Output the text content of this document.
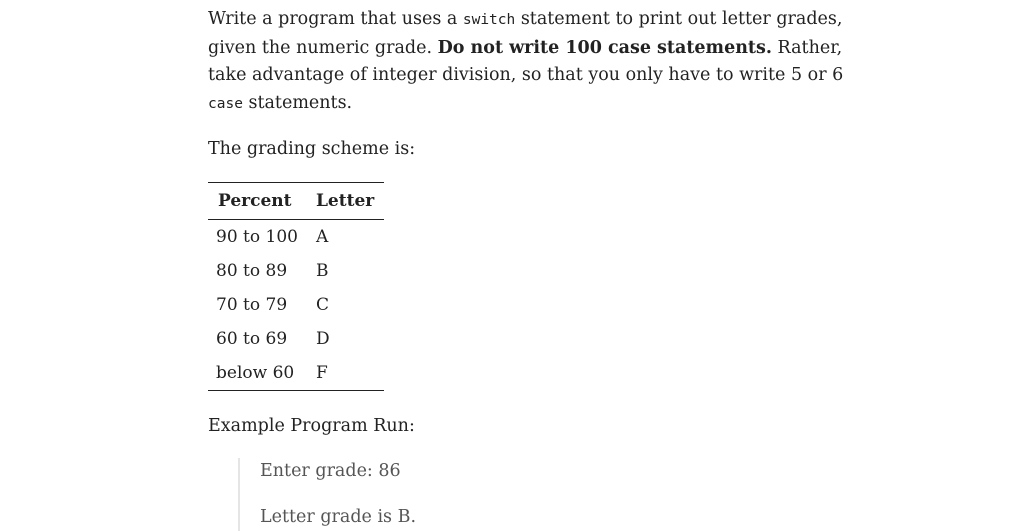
Write a program that uses a switch statement to print out letter grades, given the numeric grade. Do not write 100 case statements. Rather, take advantage of integer division, so that you only have to write 5 or 6 case statements.

The grading scheme is:

Percent	Letter
90 to 100	A
80 to 89	B
70 to 79	C
60 to 69	D
below 60	F

Example Program Run:

Enter grade: 86

Letter grade is B.
